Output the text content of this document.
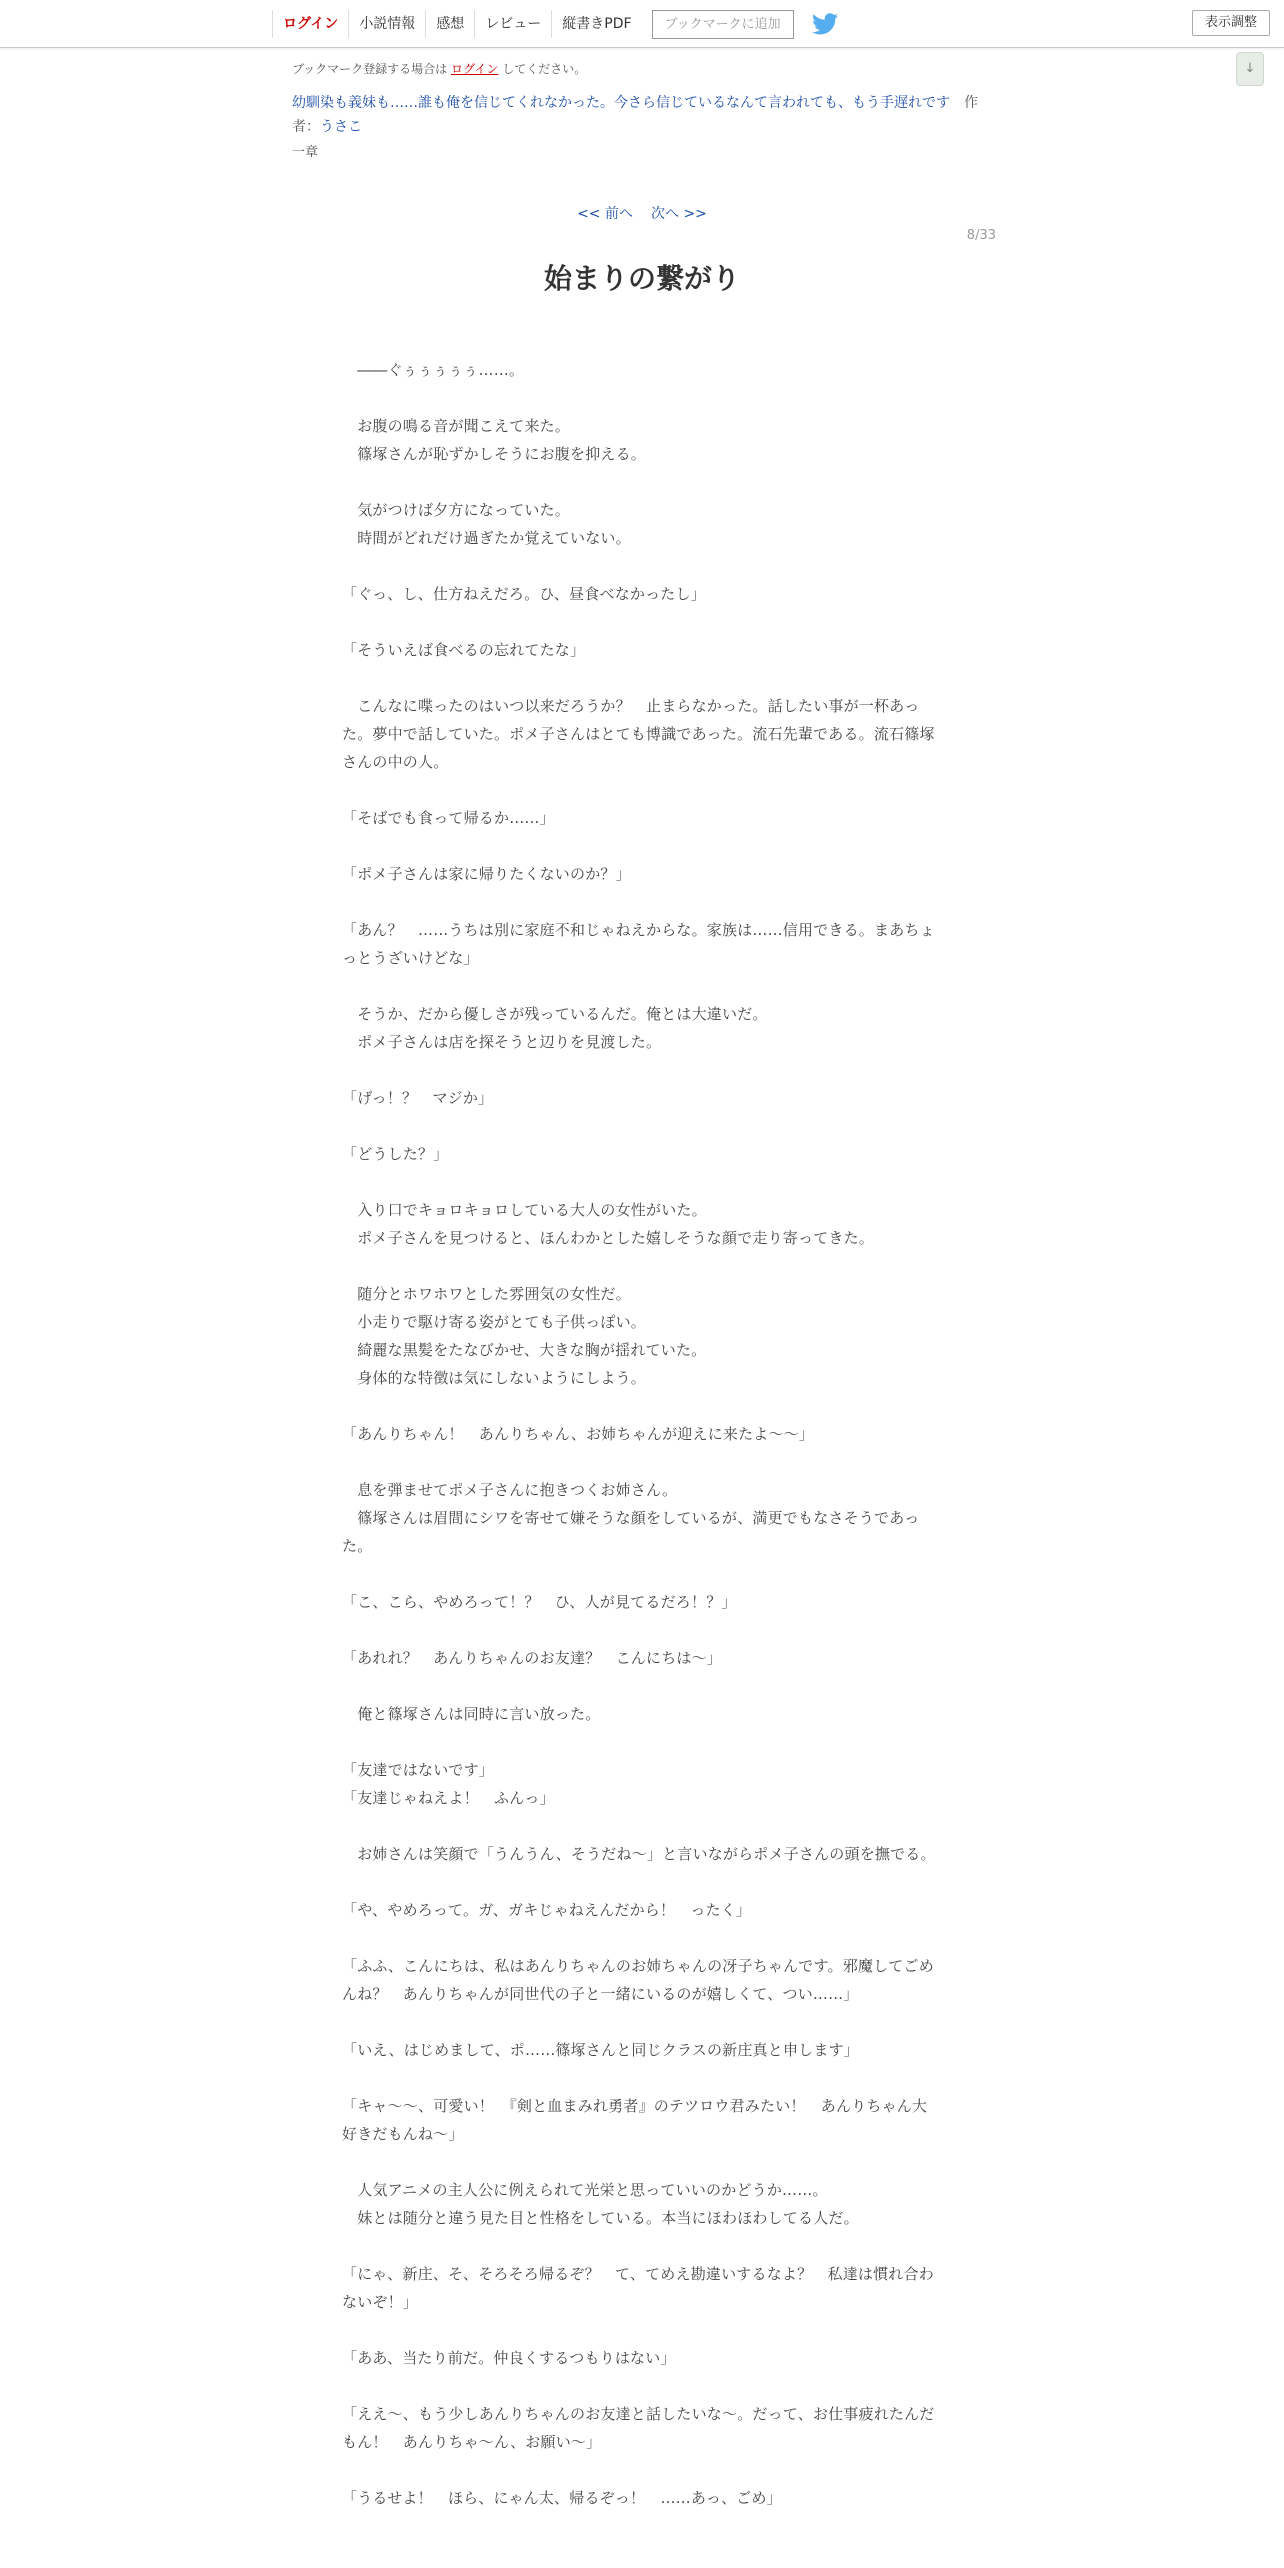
ログイン	小説情報	感想	レビュー	縦書きPDF	ブックマークに追加	表示調整
↓
ブックマーク登録する場合は ログイン してください。
幼馴染も義妹も……誰も俺を信じてくれなかった。今さら信じているなんて言われても、もう手遅れです　 作者：うさこ
一章
<< 前へ 次へ >>
8/33
始まりの繋がり

　――ぐぅぅぅぅぅ……。

　お腹の鳴る音が聞こえて来た。

　篠塚さんが恥ずかしそうにお腹を抑える。

　気がつけば夕方になっていた。

　時間がどれだけ過ぎたか覚えていない。

「ぐっ、し、仕方ねえだろ。ひ、昼食べなかったし」

「そういえば食べるの忘れてたな」

　こんなに喋ったのはいつ以来だろうか？　止まらなかった。話したい事が一杯あった。夢中で話していた。ポメ子さんはとても博識であった。流石先輩である。流石篠塚さんの中の人。

「そばでも食って帰るか……」

「ポメ子さんは家に帰りたくないのか？」

「あん？　……うちは別に家庭不和じゃねえからな。家族は……信用できる。まあちょっとうざいけどな」

　そうか、だから優しさが残っているんだ。俺とは大違いだ。

　ポメ子さんは店を探そうと辺りを見渡した。

「げっ！？　マジか」

「どうした？」

　入り口でキョロキョロしている大人の女性がいた。

　ポメ子さんを見つけると、ほんわかとした嬉しそうな顔で走り寄ってきた。

　随分とホワホワとした雰囲気の女性だ。

　小走りで駆け寄る姿がとても子供っぽい。

　綺麗な黒髪をたなびかせ、大きな胸が揺れていた。

　身体的な特徴は気にしないようにしよう。

「あんりちゃん！　あんりちゃん、お姉ちゃんが迎えに来たよ〜〜」

　息を弾ませてポメ子さんに抱きつくお姉さん。

　篠塚さんは眉間にシワを寄せて嫌そうな顔をしているが、満更でもなさそうであった。

「こ、こら、やめろって！？　ひ、人が見てるだろ！？」

「あれれ？　あんりちゃんのお友達？　こんにちは〜」

　俺と篠塚さんは同時に言い放った。

「友達ではないです」

「友達じゃねえよ！　ふんっ」

　お姉さんは笑顔で「うんうん、そうだね〜」と言いながらポメ子さんの頭を撫でる。

「や、やめろって。ガ、ガキじゃねえんだから！　ったく」

「ふふ、こんにちは、私はあんりちゃんのお姉ちゃんの冴子ちゃんです。邪魔してごめんね？　あんりちゃんが同世代の子と一緒にいるのが嬉しくて、つい……」

「いえ、はじめまして、ポ……篠塚さんと同じクラスの新庄真と申します」

「キャ〜〜、可愛い！　『剣と血まみれ勇者』のテツロウ君みたい！　あんりちゃん大好きだもんね〜」

　人気アニメの主人公に例えられて光栄と思っていいのかどうか……。

　妹とは随分と違う見た目と性格をしている。本当にほわほわしてる人だ。

「にゃ、新庄、そ、そろそろ帰るぞ？　て、てめえ勘違いするなよ？　私達は慣れ合わないぞ！」

「ああ、当たり前だ。仲良くするつもりはない」

「ええ〜、もう少しあんりちゃんのお友達と話したいな〜。だって、お仕事疲れたんだもん！　あんりちゃ〜ん、お願い〜」

「うるせよ！　ほら、にゃん太、帰るぞっ！　……あっ、ごめ」
